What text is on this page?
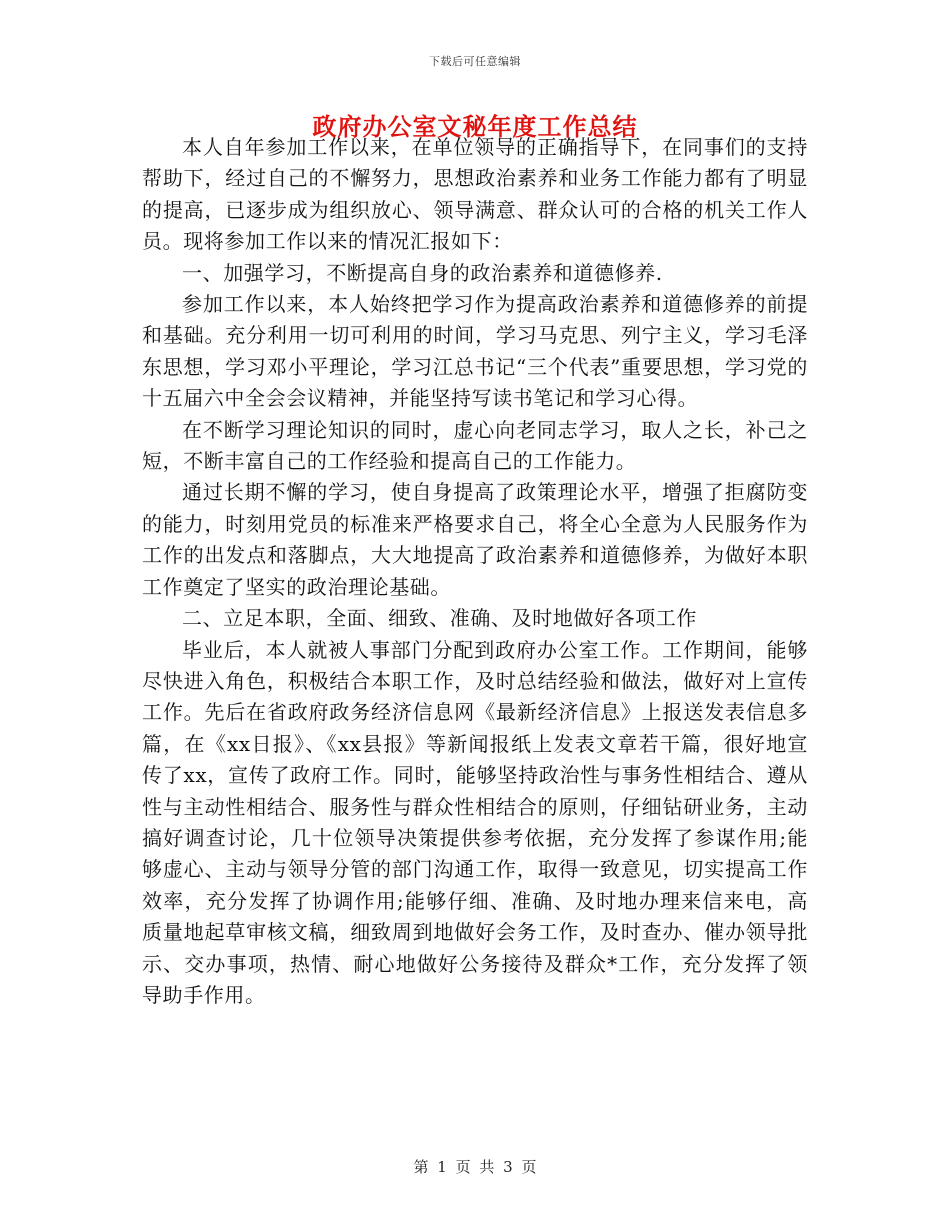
下载后可任意编辑
政府办公室文秘年度工作总结

本人自年参加工作以来，在单位领导的正确指导下，在同事们的支持帮助下，经过自己的不懈努力，思想政治素养和业务工作能力都有了明显的提高，已逐步成为组织放心、领导满意、群众认可的合格的机关工作人员。现将参加工作以来的情况汇报如下：

一、加强学习，不断提高自身的政治素养和道德修养.

参加工作以来，本人始终把学习作为提高政治素养和道德修养的前提和基础。充分利用一切可利用的时间，学习马克思、列宁主义，学习毛泽东思想，学习邓小平理论，学习江总书记“三个代表”重要思想，学习党的十五届六中全会会议精神，并能坚持写读书笔记和学习心得。

在不断学习理论知识的同时，虚心向老同志学习，取人之长，补己之短，不断丰富自己的工作经验和提高自己的工作能力。

通过长期不懈的学习，使自身提高了政策理论水平，增强了拒腐防变的能力，时刻用党员的标准来严格要求自己，将全心全意为人民服务作为工作的出发点和落脚点，大大地提高了政治素养和道德修养，为做好本职工作奠定了坚实的政治理论基础。

二、立足本职，全面、细致、准确、及时地做好各项工作

毕业后，本人就被人事部门分配到政府办公室工作。工作期间，能够尽快进入角色，积极结合本职工作，及时总结经验和做法，做好对上宣传工作。先后在省政府政务经济信息网《最新经济信息》上报送发表信息多篇，在《xx日报》、《xx县报》等新闻报纸上发表文章若干篇，很好地宣传了xx，宣传了政府工作。同时，能够坚持政治性与事务性相结合、遵从性与主动性相结合、服务性与群众性相结合的原则，仔细钻研业务，主动搞好调查讨论，几十位领导决策提供参考依据，充分发挥了参谋作用;能够虚心、主动与领导分管的部门沟通工作，取得一致意见，切实提高工作效率，充分发挥了协调作用;能够仔细、准确、及时地办理来信来电，高质量地起草审核文稿，细致周到地做好会务工作，及时查办、催办领导批示、交办事项，热情、耐心地做好公务接待及群众*工作，充分发挥了领导助手作用。

第 1 页 共 3 页
